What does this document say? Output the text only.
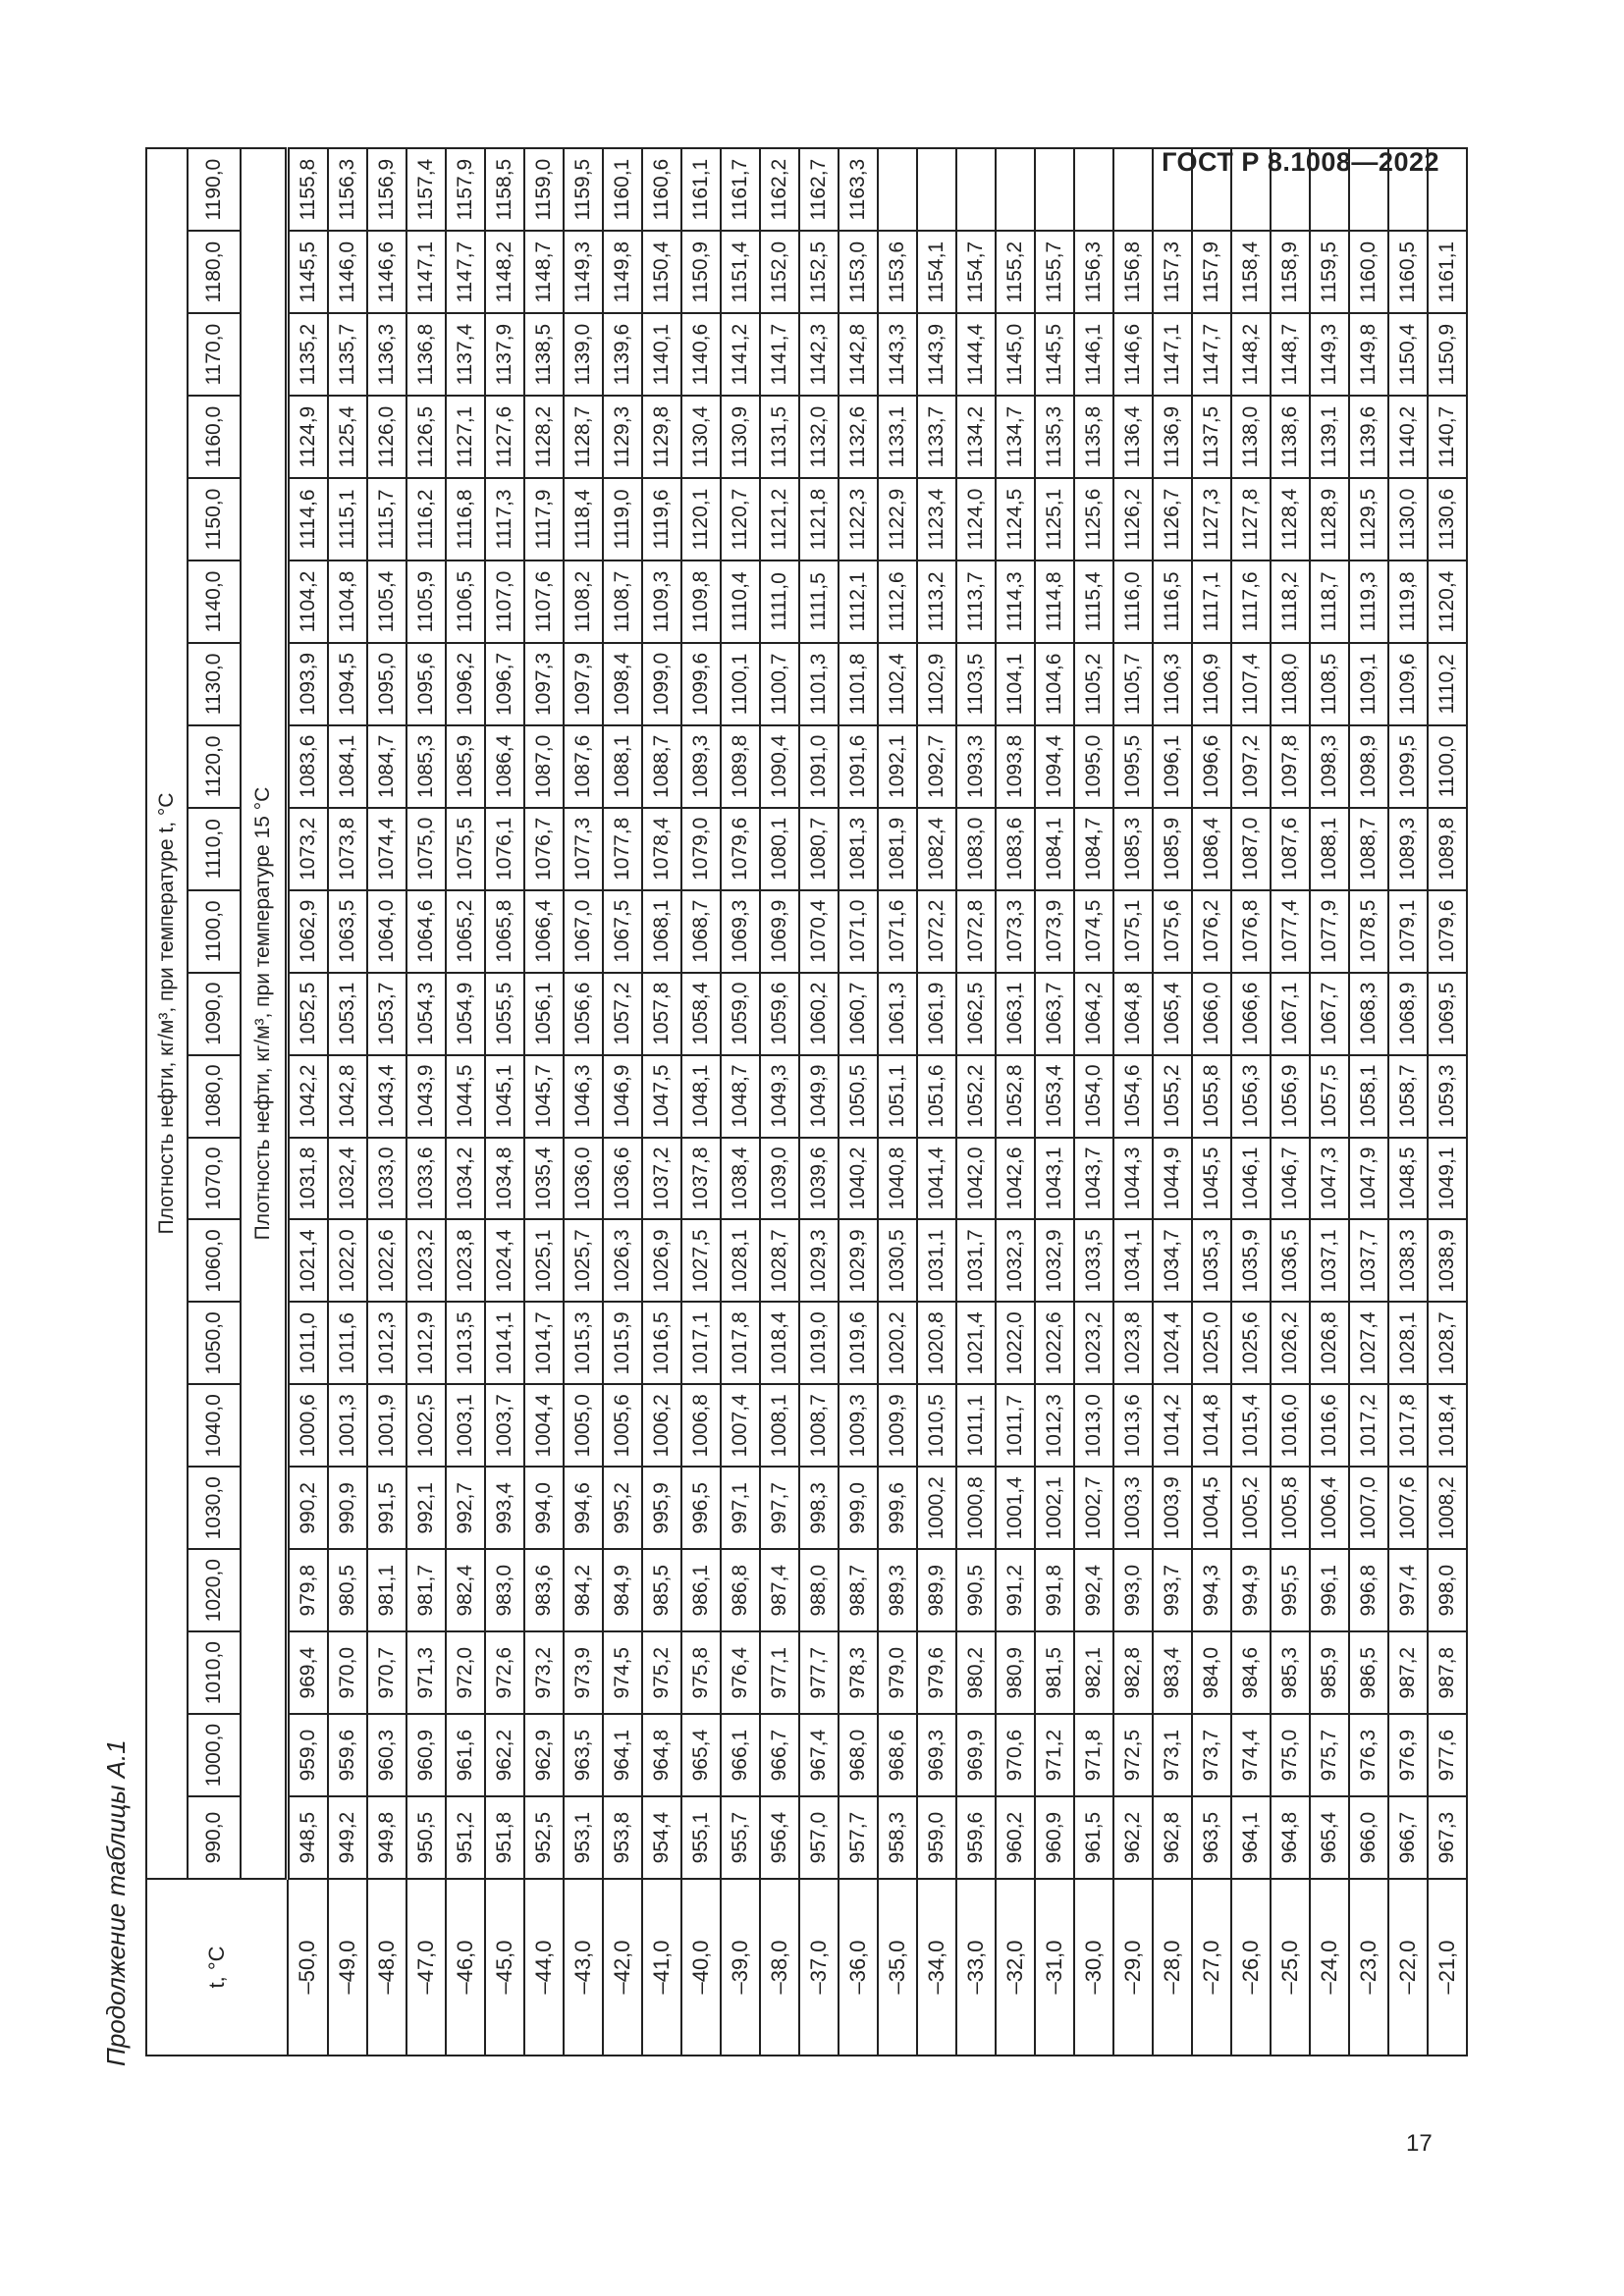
ГОСТ Р 8.1008—2022
Продолжение таблицы А.1	t, °C	Плотность нефти, кг/м³, при температуре t, °C																				
	990,0	1000,0	1010,0	1020,0	1030,0	1040,0	1050,0	1060,0	1070,0	1080,0	1090,0	1100,0	1110,0	1120,0	1130,0	1140,0	1150,0	1160,0	1170,0	1180,0	1190,0
	Плотность нефти, кг/м³, при температуре 15 °C																				
–50,0	948,5	959,0	969,4	979,8	990,2	1000,6	1011,0	1021,4	1031,8	1042,2	1052,5	1062,9	1073,2	1083,6	1093,9	1104,2	1114,6	1124,9	1135,2	1145,5	1155,8
–49,0	949,2	959,6	970,0	980,5	990,9	1001,3	1011,6	1022,0	1032,4	1042,8	1053,1	1063,5	1073,8	1084,1	1094,5	1104,8	1115,1	1125,4	1135,7	1146,0	1156,3
–48,0	949,8	960,3	970,7	981,1	991,5	1001,9	1012,3	1022,6	1033,0	1043,4	1053,7	1064,0	1074,4	1084,7	1095,0	1105,4	1115,7	1126,0	1136,3	1146,6	1156,9
–47,0	950,5	960,9	971,3	981,7	992,1	1002,5	1012,9	1023,2	1033,6	1043,9	1054,3	1064,6	1075,0	1085,3	1095,6	1105,9	1116,2	1126,5	1136,8	1147,1	1157,4
–46,0	951,2	961,6	972,0	982,4	992,7	1003,1	1013,5	1023,8	1034,2	1044,5	1054,9	1065,2	1075,5	1085,9	1096,2	1106,5	1116,8	1127,1	1137,4	1147,7	1157,9
–45,0	951,8	962,2	972,6	983,0	993,4	1003,7	1014,1	1024,4	1034,8	1045,1	1055,5	1065,8	1076,1	1086,4	1096,7	1107,0	1117,3	1127,6	1137,9	1148,2	1158,5
–44,0	952,5	962,9	973,2	983,6	994,0	1004,4	1014,7	1025,1	1035,4	1045,7	1056,1	1066,4	1076,7	1087,0	1097,3	1107,6	1117,9	1128,2	1138,5	1148,7	1159,0
–43,0	953,1	963,5	973,9	984,2	994,6	1005,0	1015,3	1025,7	1036,0	1046,3	1056,6	1067,0	1077,3	1087,6	1097,9	1108,2	1118,4	1128,7	1139,0	1149,3	1159,5
–42,0	953,8	964,1	974,5	984,9	995,2	1005,6	1015,9	1026,3	1036,6	1046,9	1057,2	1067,5	1077,8	1088,1	1098,4	1108,7	1119,0	1129,3	1139,6	1149,8	1160,1
–41,0	954,4	964,8	975,2	985,5	995,9	1006,2	1016,5	1026,9	1037,2	1047,5	1057,8	1068,1	1078,4	1088,7	1099,0	1109,3	1119,6	1129,8	1140,1	1150,4	1160,6
–40,0	955,1	965,4	975,8	986,1	996,5	1006,8	1017,1	1027,5	1037,8	1048,1	1058,4	1068,7	1079,0	1089,3	1099,6	1109,8	1120,1	1130,4	1140,6	1150,9	1161,1
–39,0	955,7	966,1	976,4	986,8	997,1	1007,4	1017,8	1028,1	1038,4	1048,7	1059,0	1069,3	1079,6	1089,8	1100,1	1110,4	1120,7	1130,9	1141,2	1151,4	1161,7
–38,0	956,4	966,7	977,1	987,4	997,7	1008,1	1018,4	1028,7	1039,0	1049,3	1059,6	1069,9	1080,1	1090,4	1100,7	1111,0	1121,2	1131,5	1141,7	1152,0	1162,2
–37,0	957,0	967,4	977,7	988,0	998,3	1008,7	1019,0	1029,3	1039,6	1049,9	1060,2	1070,4	1080,7	1091,0	1101,3	1111,5	1121,8	1132,0	1142,3	1152,5	1162,7
–36,0	957,7	968,0	978,3	988,7	999,0	1009,3	1019,6	1029,9	1040,2	1050,5	1060,7	1071,0	1081,3	1091,6	1101,8	1112,1	1122,3	1132,6	1142,8	1153,0	1163,3
–35,0	958,3	968,6	979,0	989,3	999,6	1009,9	1020,2	1030,5	1040,8	1051,1	1061,3	1071,6	1081,9	1092,1	1102,4	1112,6	1122,9	1133,1	1143,3	1153,6	
–34,0	959,0	969,3	979,6	989,9	1000,2	1010,5	1020,8	1031,1	1041,4	1051,6	1061,9	1072,2	1082,4	1092,7	1102,9	1113,2	1123,4	1133,7	1143,9	1154,1	
–33,0	959,6	969,9	980,2	990,5	1000,8	1011,1	1021,4	1031,7	1042,0	1052,2	1062,5	1072,8	1083,0	1093,3	1103,5	1113,7	1124,0	1134,2	1144,4	1154,7	
–32,0	960,2	970,6	980,9	991,2	1001,4	1011,7	1022,0	1032,3	1042,6	1052,8	1063,1	1073,3	1083,6	1093,8	1104,1	1114,3	1124,5	1134,7	1145,0	1155,2	
–31,0	960,9	971,2	981,5	991,8	1002,1	1012,3	1022,6	1032,9	1043,1	1053,4	1063,7	1073,9	1084,1	1094,4	1104,6	1114,8	1125,1	1135,3	1145,5	1155,7	
–30,0	961,5	971,8	982,1	992,4	1002,7	1013,0	1023,2	1033,5	1043,7	1054,0	1064,2	1074,5	1084,7	1095,0	1105,2	1115,4	1125,6	1135,8	1146,1	1156,3	
–29,0	962,2	972,5	982,8	993,0	1003,3	1013,6	1023,8	1034,1	1044,3	1054,6	1064,8	1075,1	1085,3	1095,5	1105,7	1116,0	1126,2	1136,4	1146,6	1156,8	
–28,0	962,8	973,1	983,4	993,7	1003,9	1014,2	1024,4	1034,7	1044,9	1055,2	1065,4	1075,6	1085,9	1096,1	1106,3	1116,5	1126,7	1136,9	1147,1	1157,3	
–27,0	963,5	973,7	984,0	994,3	1004,5	1014,8	1025,0	1035,3	1045,5	1055,8	1066,0	1076,2	1086,4	1096,6	1106,9	1117,1	1127,3	1137,5	1147,7	1157,9	
–26,0	964,1	974,4	984,6	994,9	1005,2	1015,4	1025,6	1035,9	1046,1	1056,3	1066,6	1076,8	1087,0	1097,2	1107,4	1117,6	1127,8	1138,0	1148,2	1158,4	
–25,0	964,8	975,0	985,3	995,5	1005,8	1016,0	1026,2	1036,5	1046,7	1056,9	1067,1	1077,4	1087,6	1097,8	1108,0	1118,2	1128,4	1138,6	1148,7	1158,9	
–24,0	965,4	975,7	985,9	996,1	1006,4	1016,6	1026,8	1037,1	1047,3	1057,5	1067,7	1077,9	1088,1	1098,3	1108,5	1118,7	1128,9	1139,1	1149,3	1159,5	
–23,0	966,0	976,3	986,5	996,8	1007,0	1017,2	1027,4	1037,7	1047,9	1058,1	1068,3	1078,5	1088,7	1098,9	1109,1	1119,3	1129,5	1139,6	1149,8	1160,0	
–22,0	966,7	976,9	987,2	997,4	1007,6	1017,8	1028,1	1038,3	1048,5	1058,7	1068,9	1079,1	1089,3	1099,5	1109,6	1119,8	1130,0	1140,2	1150,4	1160,5	
–21,0	967,3	977,6	987,8	998,0	1008,2	1018,4	1028,7	1038,9	1049,1	1059,3	1069,5	1079,6	1089,8	1100,0	1110,2	1120,4	1130,6	1140,7	1150,9	1161,1	
17
